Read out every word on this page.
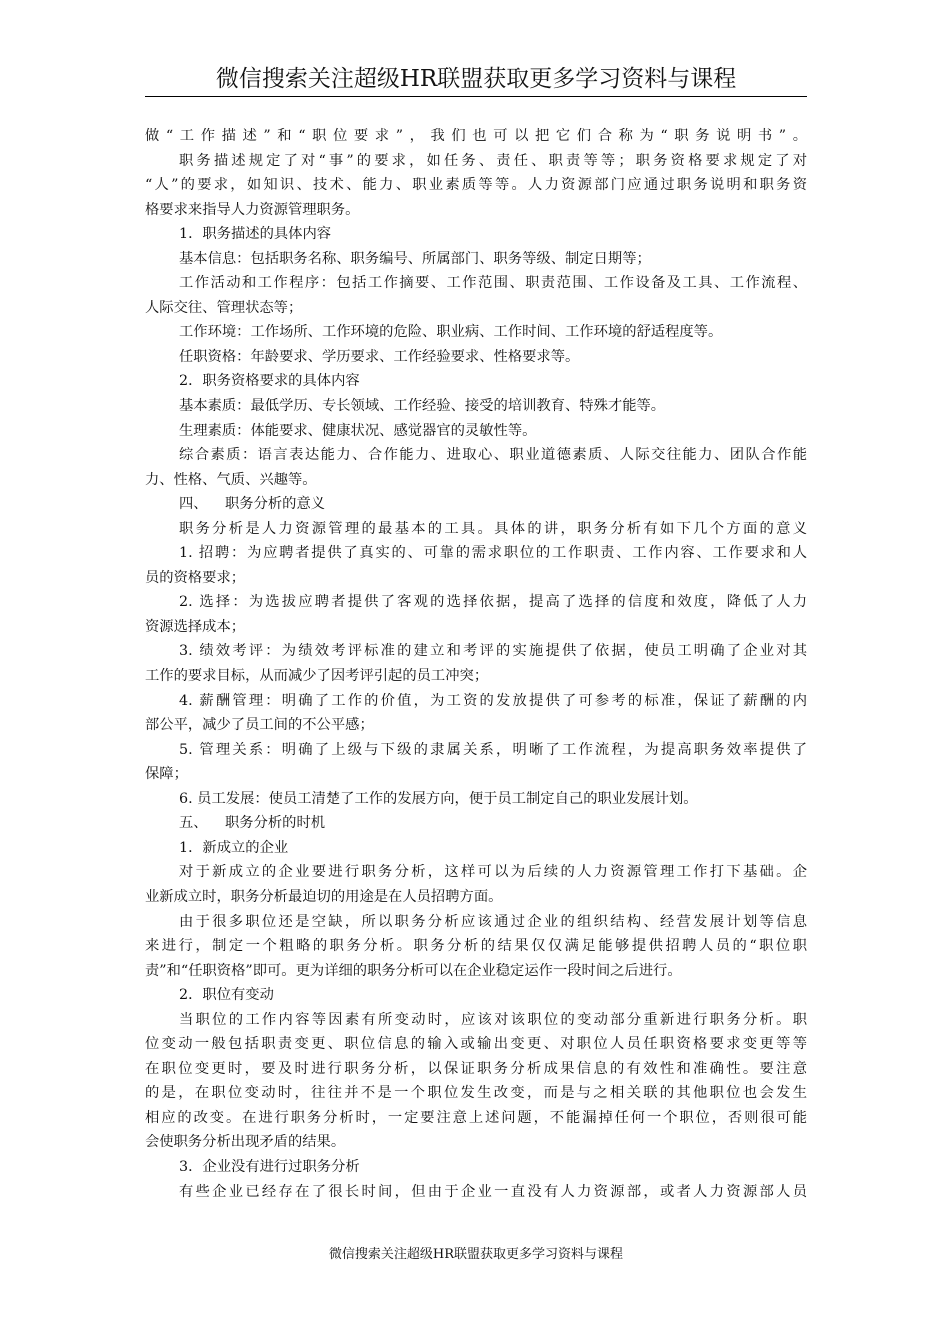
微信搜索关注超级HR联盟获取更多学习资料与课程
做“工作描述”和“职位要求”，我们也可以把它们合称为“职务说明书”。
职务描述规定了对“事”的要求，如任务、责任、职责等等；职务资格要求规定了对
“人”的要求，如知识、技术、能力、职业素质等等。人力资源部门应通过职务说明和职务资
格要求来指导人力资源管理职务。
1．职务描述的具体内容
基本信息：包括职务名称、职务编号、所属部门、职务等级、制定日期等；
工作活动和工作程序：包括工作摘要、工作范围、职责范围、工作设备及工具、工作流程、
人际交往、管理状态等；
工作环境：工作场所、工作环境的危险、职业病、工作时间、工作环境的舒适程度等。
任职资格：年龄要求、学历要求、工作经验要求、性格要求等。
2．职务资格要求的具体内容
基本素质：最低学历、专长领域、工作经验、接受的培训教育、特殊才能等。
生理素质：体能要求、健康状况、感觉器官的灵敏性等。
综合素质：语言表达能力、合作能力、进取心、职业道德素质、人际交往能力、团队合作能
力、性格、气质、兴趣等。
四、 职务分析的意义
职务分析是人力资源管理的最基本的工具。具体的讲，职务分析有如下几个方面的意义
1. 招聘：为应聘者提供了真实的、可靠的需求职位的工作职责、工作内容、工作要求和人
员的资格要求；
2. 选择：为选拔应聘者提供了客观的选择依据，提高了选择的信度和效度，降低了人力
资源选择成本；
3. 绩效考评：为绩效考评标准的建立和考评的实施提供了依据，使员工明确了企业对其
工作的要求目标，从而减少了因考评引起的员工冲突；
4. 薪酬管理：明确了工作的价值，为工资的发放提供了可参考的标准，保证了薪酬的内
部公平，减少了员工间的不公平感；
5. 管理关系：明确了上级与下级的隶属关系，明晰了工作流程，为提高职务效率提供了
保障；
6. 员工发展：使员工清楚了工作的发展方向，便于员工制定自己的职业发展计划。
五、 职务分析的时机
1．新成立的企业
对于新成立的企业要进行职务分析，这样可以为后续的人力资源管理工作打下基础。企
业新成立时，职务分析最迫切的用途是在人员招聘方面。
由于很多职位还是空缺，所以职务分析应该通过企业的组织结构、经营发展计划等信息
来进行，制定一个粗略的职务分析。职务分析的结果仅仅满足能够提供招聘人员的“职位职
责”和“任职资格”即可。更为详细的职务分析可以在企业稳定运作一段时间之后进行。
2．职位有变动
当职位的工作内容等因素有所变动时，应该对该职位的变动部分重新进行职务分析。职
位变动一般包括职责变更、职位信息的输入或输出变更、对职位人员任职资格要求变更等等
在职位变更时，要及时进行职务分析，以保证职务分析成果信息的有效性和准确性。要注意
的是，在职位变动时，往往并不是一个职位发生改变，而是与之相关联的其他职位也会发生
相应的改变。在进行职务分析时，一定要注意上述问题，不能漏掉任何一个职位，否则很可能
会使职务分析出现矛盾的结果。
3．企业没有进行过职务分析
有些企业已经存在了很长时间，但由于企业一直没有人力资源部，或者人力资源部人员
微信搜索关注超级HR联盟获取更多学习资料与课程
